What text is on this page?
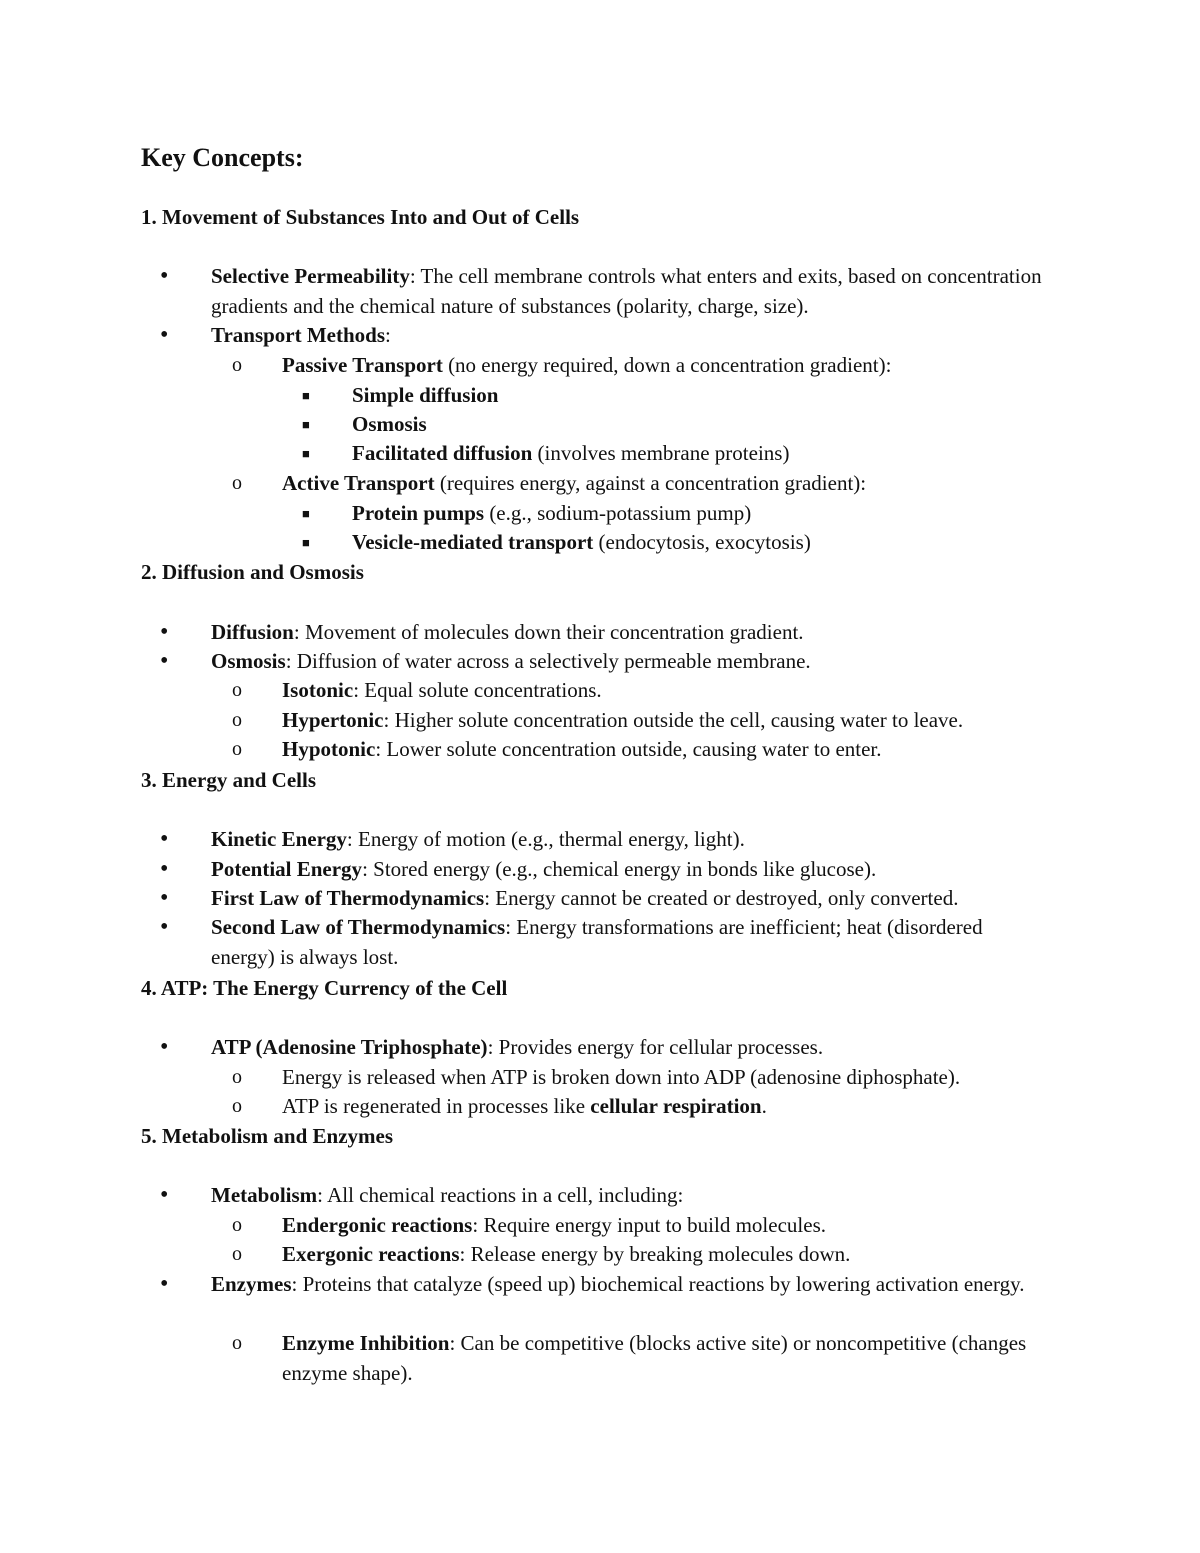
Key Concepts:
1. Movement of Substances Into and Out of Cells
• Selective Permeability: The cell membrane controls what enters and exits, based on concentration gradients and the chemical nature of substances (polarity, charge, size).

• Transport Methods:

o Passive Transport (no energy required, down a concentration gradient):

■ Simple diffusion

■ Osmosis

■ Facilitated diffusion (involves membrane proteins)

o Active Transport (requires energy, against a concentration gradient):

■ Protein pumps (e.g., sodium-potassium pump)

■ Vesicle-mediated transport (endocytosis, exocytosis)

2. Diffusion and Osmosis
• Diffusion: Movement of molecules down their concentration gradient.

• Osmosis: Diffusion of water across a selectively permeable membrane.

o Isotonic: Equal solute concentrations.

o Hypertonic: Higher solute concentration outside the cell, causing water to leave.

o Hypotonic: Lower solute concentration outside, causing water to enter.

3. Energy and Cells
• Kinetic Energy: Energy of motion (e.g., thermal energy, light).

• Potential Energy: Stored energy (e.g., chemical energy in bonds like glucose).

• First Law of Thermodynamics: Energy cannot be created or destroyed, only converted.

• Second Law of Thermodynamics: Energy transformations are inefficient; heat (disordered energy) is always lost.

4. ATP: The Energy Currency of the Cell
• ATP (Adenosine Triphosphate): Provides energy for cellular processes.

o Energy is released when ATP is broken down into ADP (adenosine diphosphate).

o ATP is regenerated in processes like cellular respiration.

5. Metabolism and Enzymes
• Metabolism: All chemical reactions in a cell, including:

o Endergonic reactions: Require energy input to build molecules.

o Exergonic reactions: Release energy by breaking molecules down.

• Enzymes: Proteins that catalyze (speed up) biochemical reactions by lowering activation energy.

o Enzyme Inhibition: Can be competitive (blocks active site) or noncompetitive (changes enzyme shape).
